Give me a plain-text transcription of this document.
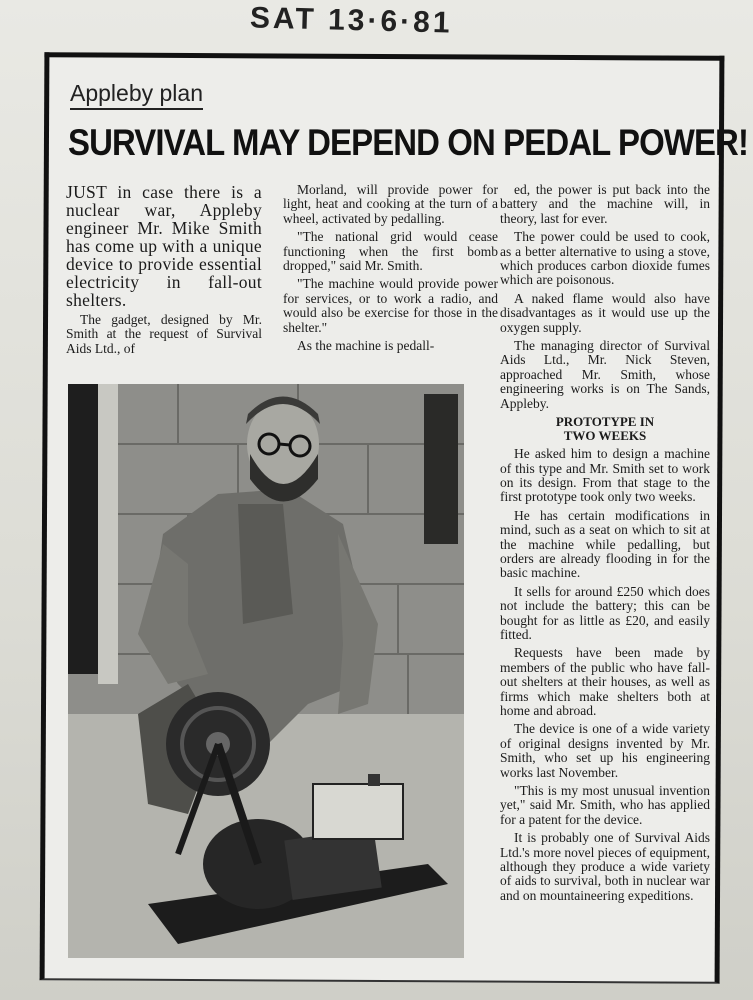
SAT 13·6·81
Appleby plan
SURVIVAL MAY DEPEND ON PEDAL POWER!

JUST in case there is a nuclear war, Appleby engineer Mr. Mike Smith has come up with a unique device to provide essential electricity in fall-out shelters.

The gadget, designed by Mr. Smith at the request of Survival Aids Ltd., of

Morland, will provide power for light, heat and cooking at the turn of a wheel, activated by pedalling.

"The national grid would cease functioning when the first bomb dropped," said Mr. Smith.

"The machine would provide power for services, or to work a radio, and would also be exercise for those in the shelter."

As the machine is pedall-

ed, the power is put back into the battery and the machine will, in theory, last for ever.

The power could be used to cook, as a better alternative to using a stove, which produces carbon dioxide fumes which are poisonous.

A naked flame would also have disadvantages as it would use up the oxygen supply.

The managing director of Survival Aids Ltd., Mr. Nick Steven, approached Mr. Smith, whose engineering works is on The Sands, Appleby.

PROTOTYPE IN
TWO WEEKS

He asked him to design a machine of this type and Mr. Smith set to work on its design. From that stage to the first prototype took only two weeks.

He has certain modifications in mind, such as a seat on which to sit at the machine while pedalling, but orders are already flooding in for the basic machine.

It sells for around £250 which does not include the battery; this can be bought for as little as £20, and easily fitted.

Requests have been made by members of the public who have fall-out shelters at their houses, as well as firms which make shelters both at home and abroad.

The device is one of a wide variety of original designs invented by Mr. Smith, who set up his engineering works last November.

"This is my most unusual invention yet," said Mr. Smith, who has applied for a patent for the device.

It is probably one of Survival Aids Ltd.'s more novel pieces of equipment, although they produce a wide variety of aids to survival, both in nuclear war and on mountaineering expeditions.
